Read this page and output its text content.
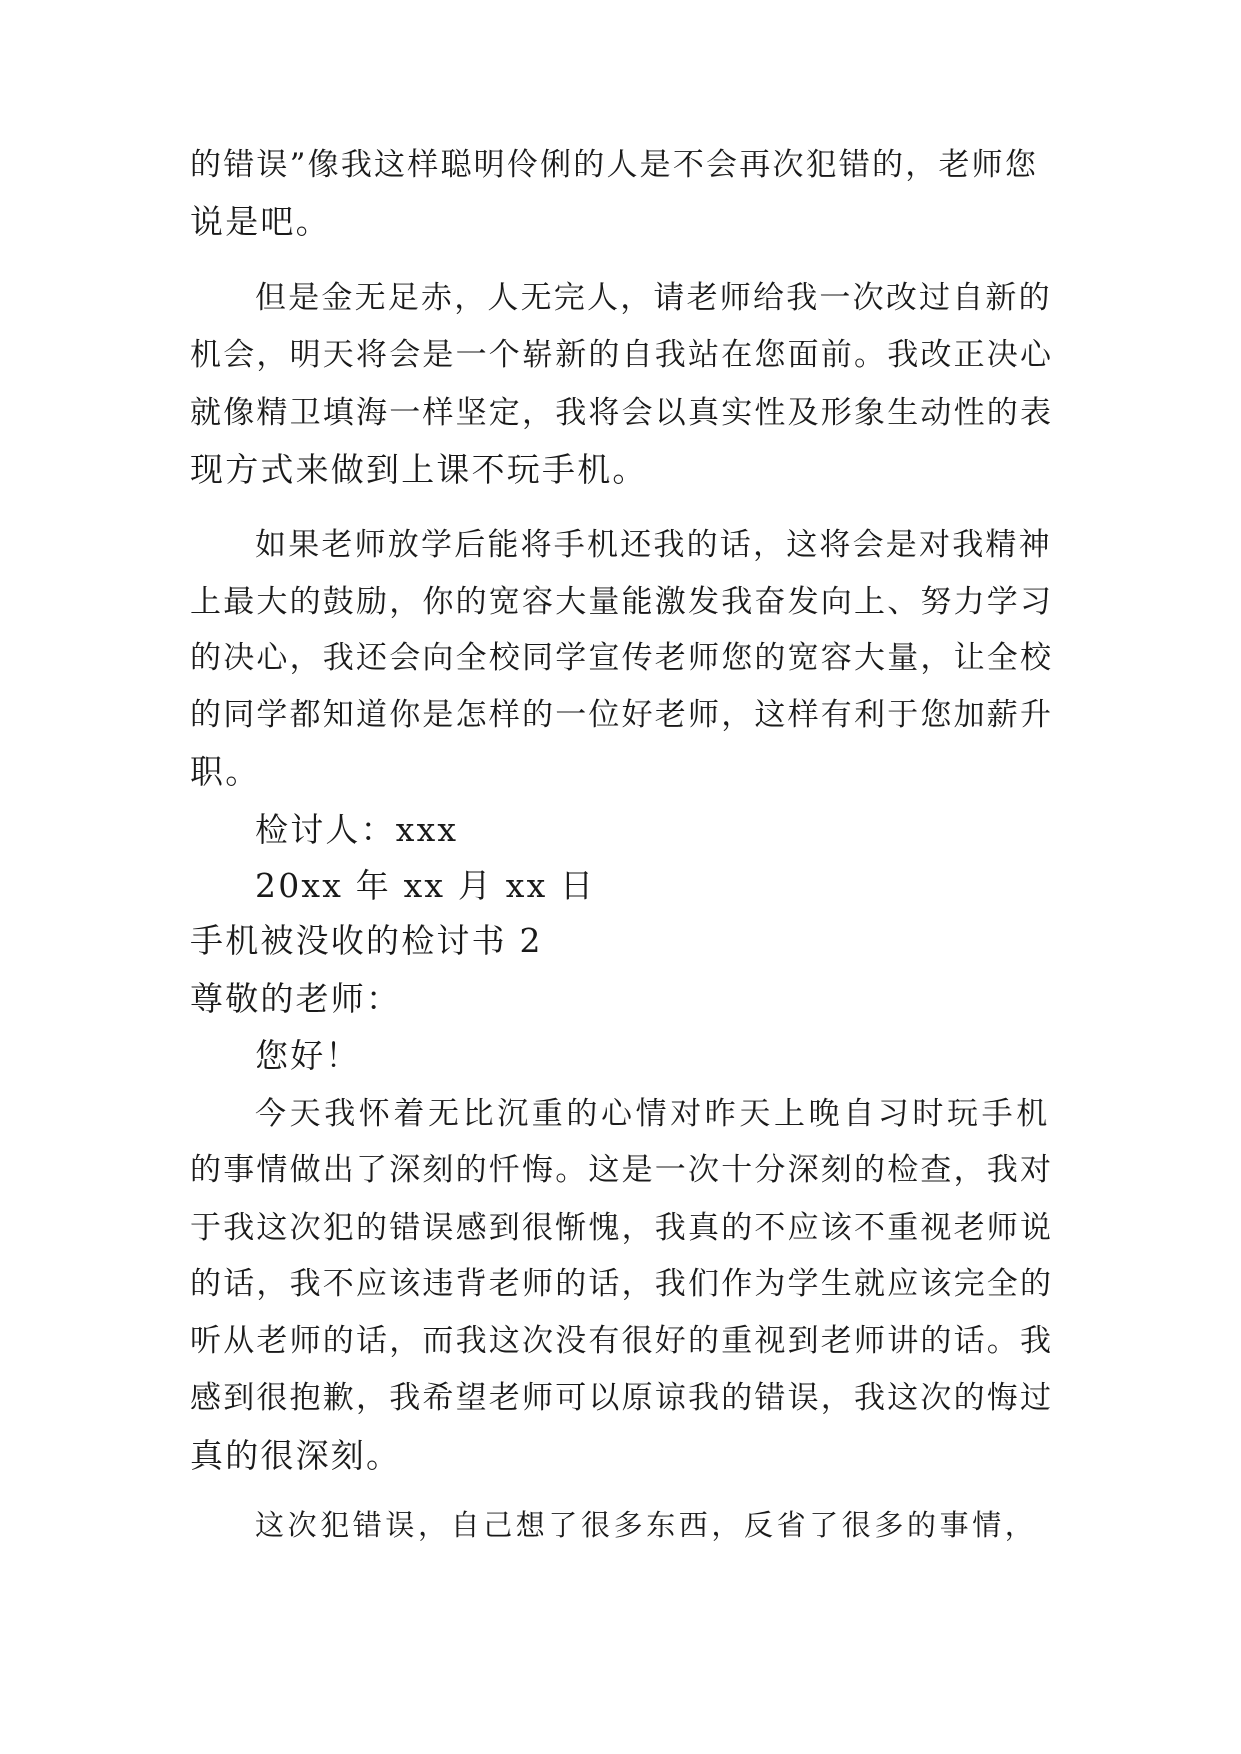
的错误”像我这样聪明伶俐的人是不会再次犯错的，老师您
说是吧。
但是金无足赤，人无完人，请老师给我一次改过自新的
机会，明天将会是一个崭新的自我站在您面前。我改正决心
就像精卫填海一样坚定，我将会以真实性及形象生动性的表
现方式来做到上课不玩手机。
如果老师放学后能将手机还我的话，这将会是对我精神
上最大的鼓励，你的宽容大量能激发我奋发向上、努力学习
的决心，我还会向全校同学宣传老师您的宽容大量，让全校
的同学都知道你是怎样的一位好老师，这样有利于您加薪升
职。
检讨人：xxx
20xx 年 xx 月 xx 日
手机被没收的检讨书 2
尊敬的老师：
您好！
今天我怀着无比沉重的心情对昨天上晚自习时玩手机
的事情做出了深刻的忏悔。这是一次十分深刻的检查，我对
于我这次犯的错误感到很惭愧，我真的不应该不重视老师说
的话，我不应该违背老师的话，我们作为学生就应该完全的
听从老师的话，而我这次没有很好的重视到老师讲的话。我
感到很抱歉，我希望老师可以原谅我的错误，我这次的悔过
真的很深刻。
这次犯错误，自己想了很多东西，反省了很多的事情，
